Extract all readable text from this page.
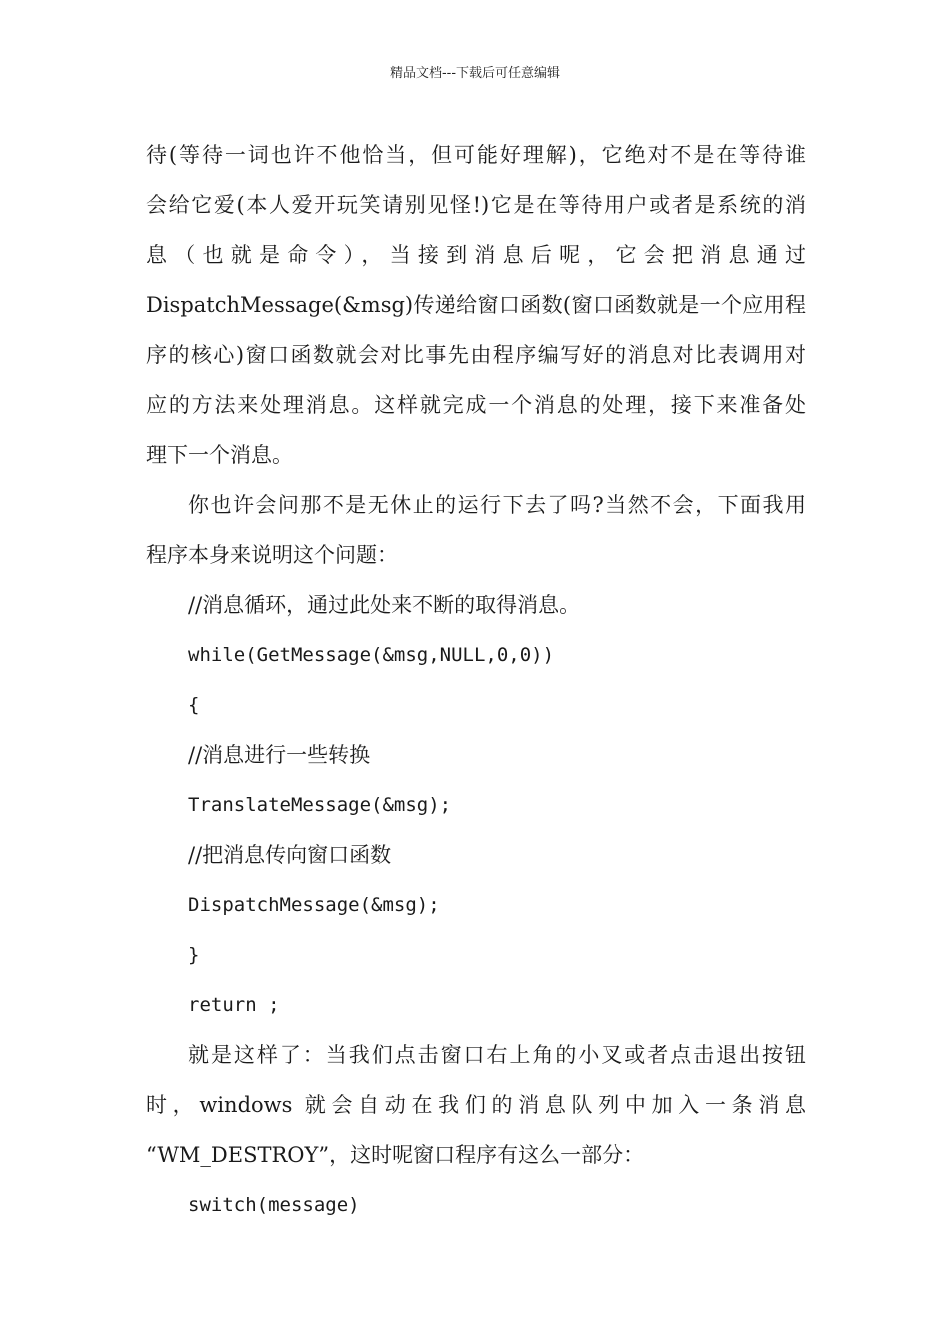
精品文档---下载后可任意编辑
待(等待一词也许不他恰当，但可能好理解)，它绝对不是在等待谁
会给它爱(本人爱开玩笑请别见怪!)它是在等待用户或者是系统的消
息（也就是命令），当接到消息后呢，它会把消息通过
DispatchMessage(&msg)传递给窗口函数(窗口函数就是一个应用程
序的核心)窗口函数就会对比事先由程序编写好的消息对比表调用对
应的方法来处理消息。这样就完成一个消息的处理，接下来准备处
理下一个消息。
你也许会问那不是无休止的运行下去了吗?当然不会，下面我用
程序本身来说明这个问题：
//消息循环，通过此处来不断的取得消息。
while(GetMessage(&msg,NULL,0,0))
{
//消息进行一些转换
TranslateMessage(&msg);
//把消息传向窗口函数
DispatchMessage(&msg);
}
return ;
就是这样了：当我们点击窗口右上角的小叉或者点击退出按钮
时，windows 就会自动在我们的消息队列中加入一条消息
“WM_DESTROY”，这时呢窗口程序有这么一部分：
switch(message)
